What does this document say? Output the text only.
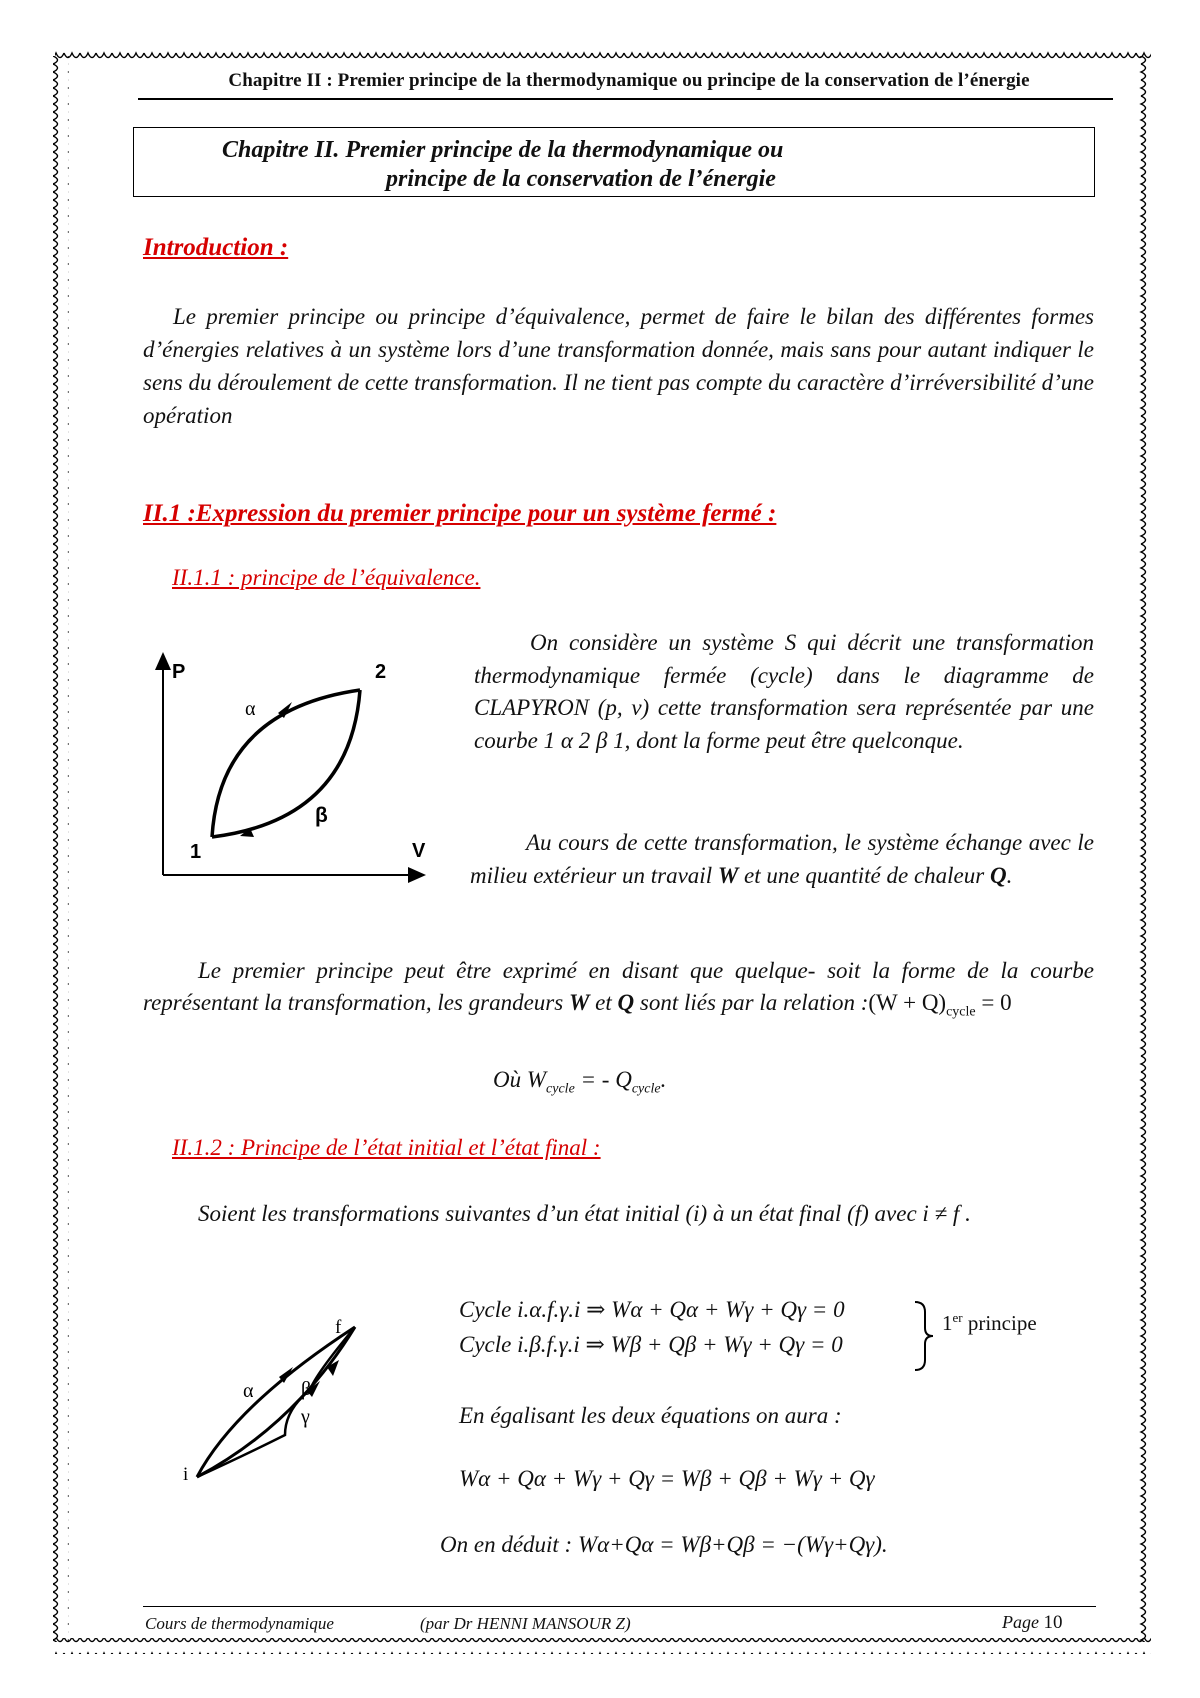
Chapitre II : Premier principe de la thermodynamique ou principe de la conservation de l’énergie
Chapitre II. Premier principe de la thermodynamique ou
principe de la conservation de l’énergie
Introduction :
Le premier principe ou principe d’équivalence, permet de faire le bilan des différentes formes d’énergies relatives à un système lors d’une transformation donnée, mais sans pour autant indiquer le sens du déroulement de cette transformation. Il ne tient pas compte du caractère d’irréversibilité d’une opération
II.1 :Expression du premier principe pour un système fermé :
II.1.1 : principe de l’équivalence.
P
V
1
2
α
β
On considère un système S qui décrit une transformation thermodynamique fermée (cycle) dans le diagramme de CLAPYRON (p, v) cette transformation sera représentée par une courbe 1 α 2 β 1, dont la forme peut être quelconque.
Au cours de cette transformation, le système échange avec le milieu extérieur un travail W et une quantité de chaleur Q.
Le premier principe peut être exprimé en disant que quelque- soit la forme de la courbe représentant la transformation, les grandeurs W et Q sont liés par la relation :(W + $Q)_{cycle} = 0$
Où $W_{cycle}$ = - $Q_{cycle}$.
II.1.2 : Principe de l’état initial et l’état final :
Soient les transformations suivantes d’un état initial (i) à un état final (f) avec i ≠ f .
i
f
α β
γ
Cycle i.α.f.γ.i ⇒ Wα + Qα + Wγ + Qγ = 0
Cycle i.β.f.γ.i ⇒ Wβ + Qβ + Wγ + Qγ = 0
1er principe
En égalisant les deux équations on aura :
Wα + Qα + Wγ + Qγ = Wβ + Qβ + Wγ + Qγ
On en déduit : Wα+Qα = Wβ+Qβ = −(Wγ+Qγ).
Cours de thermodynamique	(par Dr HENNI MANSOUR Z)	Page 10
